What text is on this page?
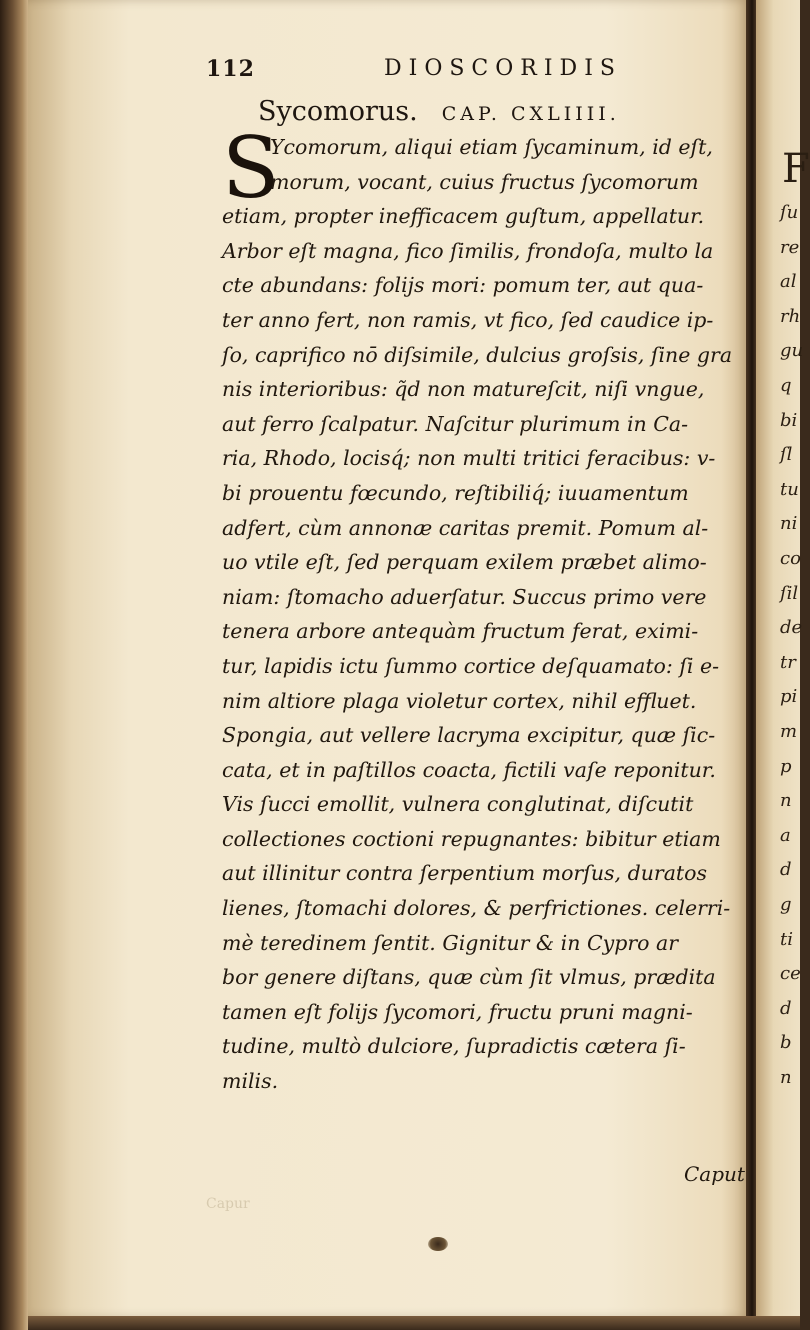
112	DIOSCORIDIS
Sycomorus. CAP. CXLIIII.
S
Ycomorum, aliqui etiam ſycaminum, id eſt,
morum, vocant, cuius fructus ſycomorum
etiam, propter inefficacem guſtum, appellatur.
Arbor eſt magna, fico ſimilis, frondoſa, multo la
cte abundans: folijs mori: pomum ter, aut qua-
ter anno fert, non ramis, vt fico, ſed caudice ip-
ſo, caprifico nō diſsimile, dulcius groſsis, ſine gra
nis interioribus: q̃d non matureſcit, niſi vngue,
aut ferro ſcalpatur. Naſcitur plurimum in Ca-
ria, Rhodo, locisq́; non multi tritici feracibus: v-
bi prouentu fœcundo, reſtibiliq́; iuuamentum
adfert, cùm annonæ caritas premit. Pomum al-
uo vtile eſt, ſed perquam exilem præbet alimo-
niam: ſtomacho aduerſatur. Succus primo vere
tenera arbore antequàm fructum ferat, eximi-
tur, lapidis ictu ſummo cortice deſquamato: ſi e-
nim altiore plaga violetur cortex, nihil effluet.
Spongia, aut vellere lacryma excipitur, quæ ſic-
cata, et in paſtillos coacta, fictili vaſe reponitur.
Vis ſucci emollit, vulnera conglutinat, diſcutit
collectiones coctioni repugnantes: bibitur etiam
aut illinitur contra ſerpentium morſus, duratos
lienes, ſtomachi dolores, & perfrictiones. celerri-
mè teredinem ſentit. Gignitur & in Cypro ar
bor genere diſtans, quæ cùm ſit vlmus, prædita
tamen eſt folijs ſycomori, fructu pruni magni-
tudine, multò dulciore, ſupradictis cætera ſi-
milis.
Caput
Capur
F
ſu
re
al
rh
gu
q
bi
ſl
tu
ni
co
ſil
de
tr
pi
m
p
n
a
d
g
ti
ce
d
b
n
